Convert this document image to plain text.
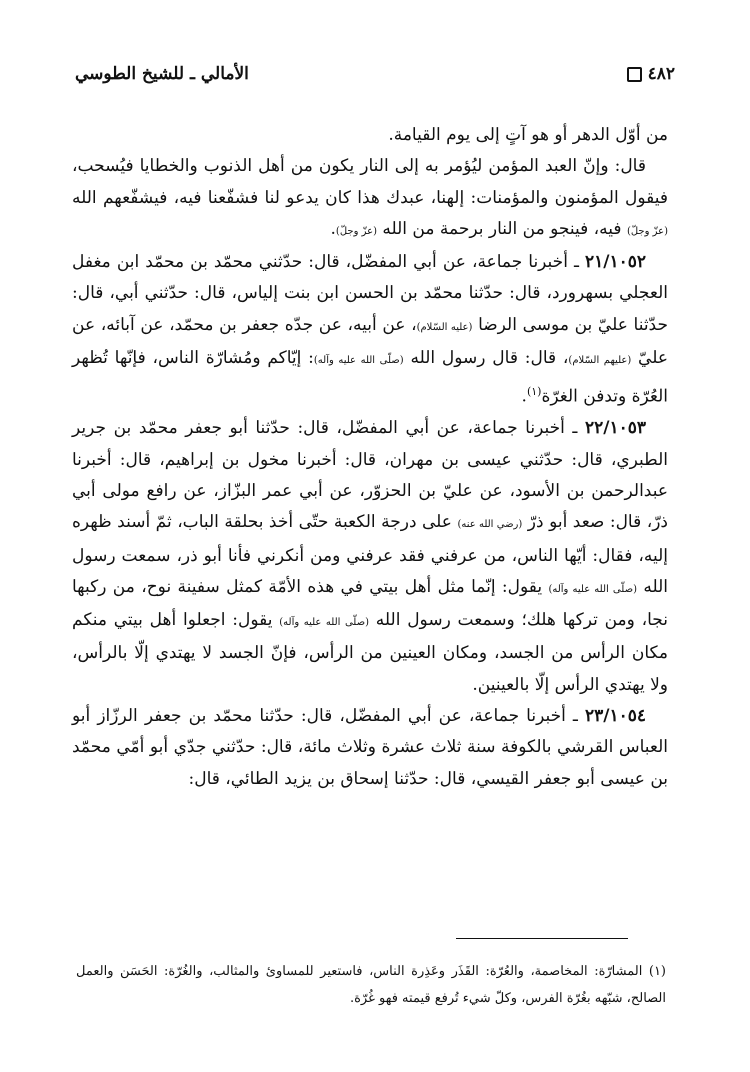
٤٨٢
الأمالي ـ للشيخ الطوسي

من أوّل الدهر أو هو آتٍ إلى يوم القيامة.

قال: وإنّ العبد المؤمن ليُؤمر به إلى النار يكون من أهل الذنوب والخطايا فيُسحب، فيقول المؤمنون والمؤمنات: إلهنا، عبدك هذا كان يدعو لنا فشفّعنا فيه، فيشفّعهم الله (عزّ وجلّ) فيه، فينجو من النار برحمة من الله (عزّ وجلّ).

٢١/١٠٥٢ ـ أخبرنا جماعة، عن أبي المفضّل، قال: حدّثني محمّد بن محمّد ابن مغفل العجلي بسهرورد، قال: حدّثنا محمّد بن الحسن ابن بنت إلياس، قال: حدّثني أبي، قال: حدّثنا عليّ بن موسى الرضا (عليه السّلام)، عن أبيه، عن جدّه جعفر بن محمّد، عن آبائه، عن عليّ (عليهم السّلام)، قال: قال رسول الله (صلّى الله عليه وآله): إيّاكم ومُشارّة الناس، فإنّها تُظهر العُرّة وتدفن الغرّة$^{(١)}$.

٢٢/١٠٥٣ ـ أخبرنا جماعة، عن أبي المفضّل، قال: حدّثنا أبو جعفر محمّد بن جرير الطبري، قال: حدّثني عيسى بن مهران، قال: أخبرنا مخول بن إبراهيم، قال: أخبرنا عبدالرحمن بن الأسود، عن عليّ بن الحزوّر، عن أبي عمر البزّاز، عن رافع مولى أبي ذرّ، قال: صعد أبو ذرّ (رضي الله عنه) على درجة الكعبة حتّى أخذ بحلقة الباب، ثمّ أسند ظهره إليه، فقال: أيّها الناس، من عرفني فقد عرفني ومن أنكرني فأنا أبو ذر، سمعت رسول الله (صلّى الله عليه وآله) يقول: إنّما مثل أهل بيتي في هذه الأمّة كمثل سفينة نوح، من ركبها نجا، ومن تركها هلك؛ وسمعت رسول الله (صلّى الله عليه وآله) يقول: اجعلوا أهل بيتي منكم مكان الرأس من الجسد، ومكان العينين من الرأس، فإنّ الجسد لا يهتدي إلّا بالرأس، ولا يهتدي الرأس إلّا بالعينين.

٢٣/١٠٥٤ ـ أخبرنا جماعة، عن أبي المفضّل، قال: حدّثنا محمّد بن جعفر الرزّاز أبو العباس القرشي بالكوفة سنة ثلاث عشرة وثلاث مائة، قال: حدّثني جدّي أبو أمّي محمّد بن عيسى أبو جعفر القيسي، قال: حدّثنا إسحاق بن يزيد الطائي، قال:

(١) المشارّة: المخاصمة، والعُرّة: القَذَر وعَذِرة الناس، فاستعير للمساوئ والمثالب، والغُرّة: الحَسَن والعمل الصالح، شبّهه بغُرّة الفرس، وكلّ شيء تُرفع قيمته فهو غُرّة.
